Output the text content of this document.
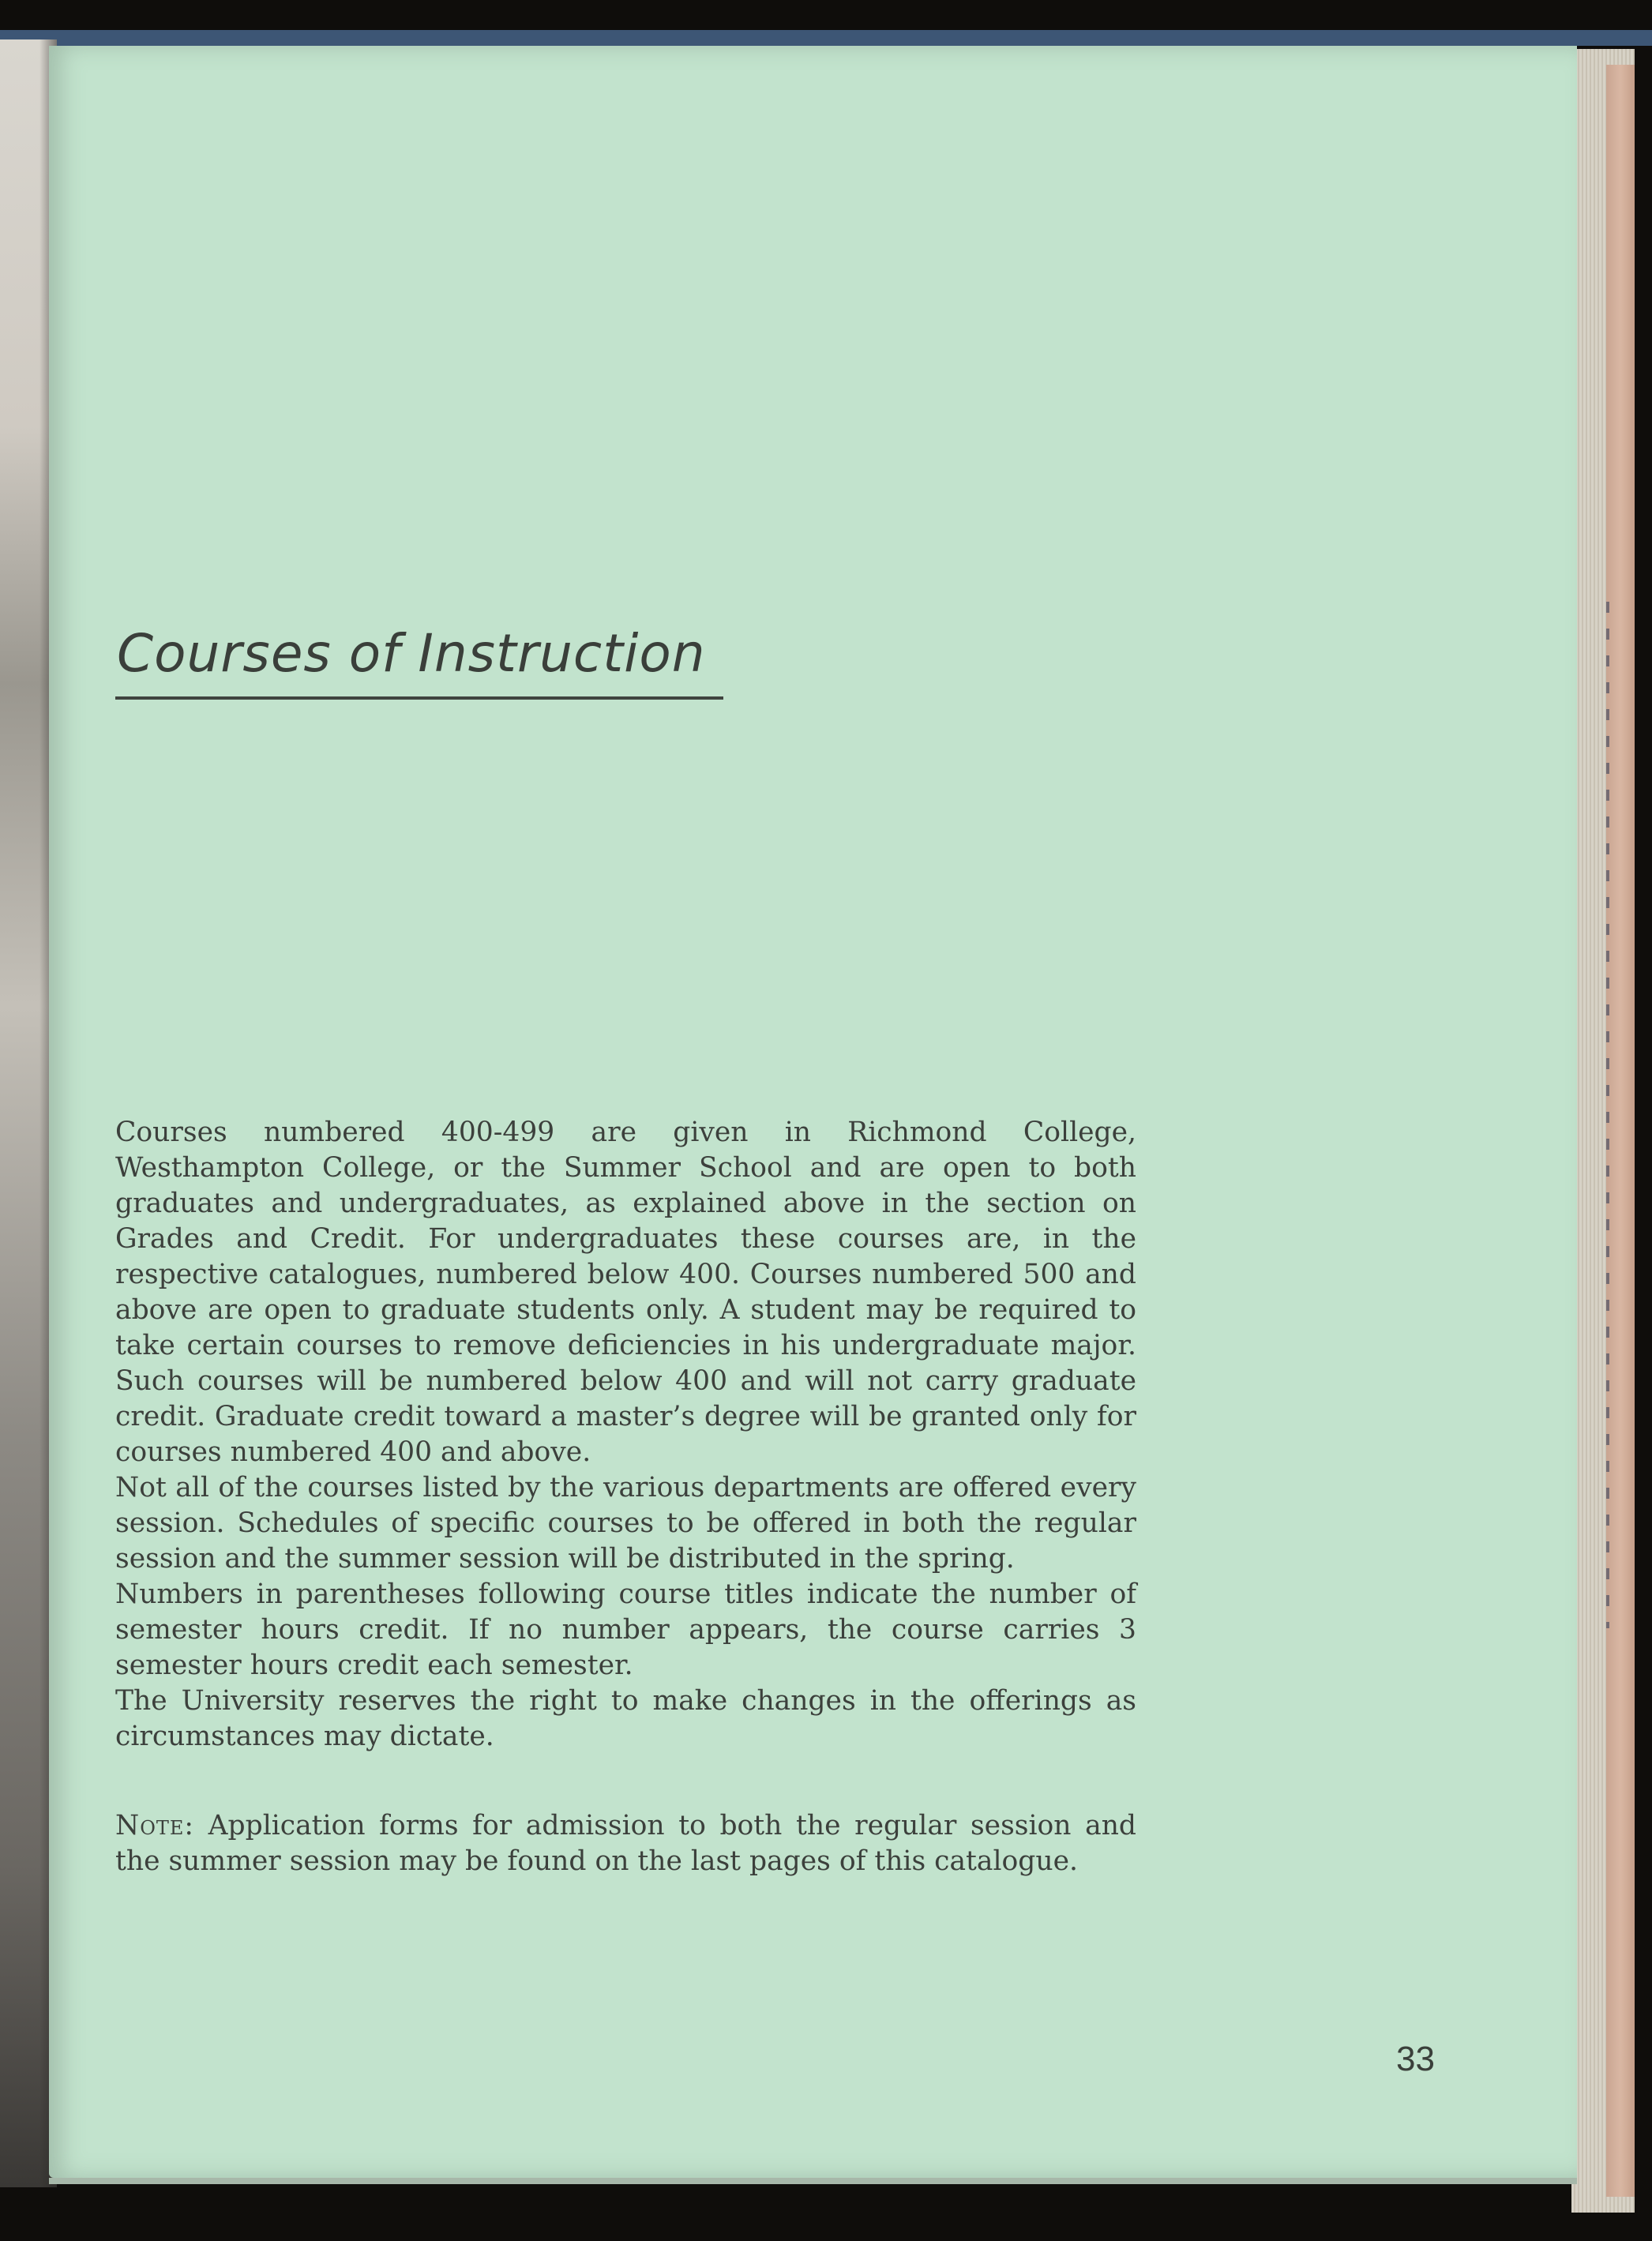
Courses of Instruction

Courses numbered 400-499 are given in Richmond College, Westhampton College, or the Summer School and are open to both graduates and undergraduates, as explained above in the section on Grades and Credit. For undergraduates these courses are, in the respective catalogues, numbered below 400. Courses numbered 500 and above are open to graduate students only. A student may be required to take certain courses to remove deficiencies in his undergraduate major. Such courses will be numbered below 400 and will not carry graduate credit. Graduate credit toward a master’s degree will be granted only for courses numbered 400 and above.

Not all of the courses listed by the various departments are offered every session. Schedules of specific courses to be offered in both the regular session and the summer session will be distributed in the spring.

Numbers in parentheses following course titles indicate the number of semester hours credit. If no number appears, the course carries 3 semester hours credit each semester.

The University reserves the right to make changes in the offerings as circumstances may dictate.

Note: Application forms for admission to both the regular session and the summer session may be found on the last pages of this catalogue.

33
